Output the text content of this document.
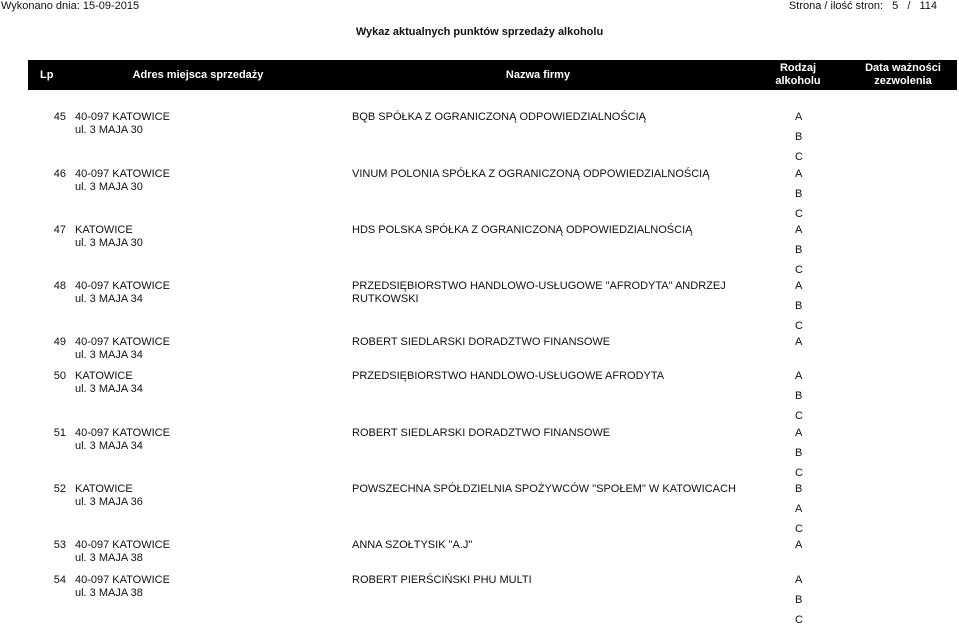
Wykonano dnia: 15-09-2015	Strona / ilość stron: 5 / 114
Wykaz aktualnych punktów sprzedaży alkoholu
Lp	Adres miejsca sprzedaży	Nazwa firmy
Rodzaj
alkoholu
Data ważności
zezwolenia
45 40-097 KATOWICE
ul. 3 MAJA 30
BQB SPÓŁKA Z OGRANICZONĄ ODPOWIEDZIALNOŚCIĄ	A
B
C
46 40-097 KATOWICE
ul. 3 MAJA 30
VINUM POLONIA SPÓŁKA Z OGRANICZONĄ ODPOWIEDZIALNOŚCIĄ	A
B
C
47 KATOWICE
ul. 3 MAJA 30
HDS POLSKA SPÓŁKA Z OGRANICZONĄ ODPOWIEDZIALNOŚCIĄ	A
B
C
48 40-097 KATOWICE
ul. 3 MAJA 34
PRZEDSIĘBIORSTWO HANDLOWO-USŁUGOWE "AFRODYTA" ANDRZEJ
RUTKOWSKI
A
B
C
49 40-097 KATOWICE
ul. 3 MAJA 34
ROBERT SIEDLARSKI DORADZTWO FINANSOWE	A
50 KATOWICE
ul. 3 MAJA 34
PRZEDSIĘBIORSTWO HANDLOWO-USŁUGOWE AFRODYTA	A
B
C
51 40-097 KATOWICE
ul. 3 MAJA 34
ROBERT SIEDLARSKI DORADZTWO FINANSOWE	A
B
C
52 KATOWICE
ul. 3 MAJA 36
POWSZECHNA SPÓŁDZIELNIA SPOŻYWCÓW "SPOŁEM" W KATOWICACH	B
A
C
53 40-097 KATOWICE
ul. 3 MAJA 38
ANNA SZOŁTYSIK "A.J"	A
54 40-097 KATOWICE
ul. 3 MAJA 38
ROBERT PIERŚCIŃSKI PHU MULTI	A
B
C
